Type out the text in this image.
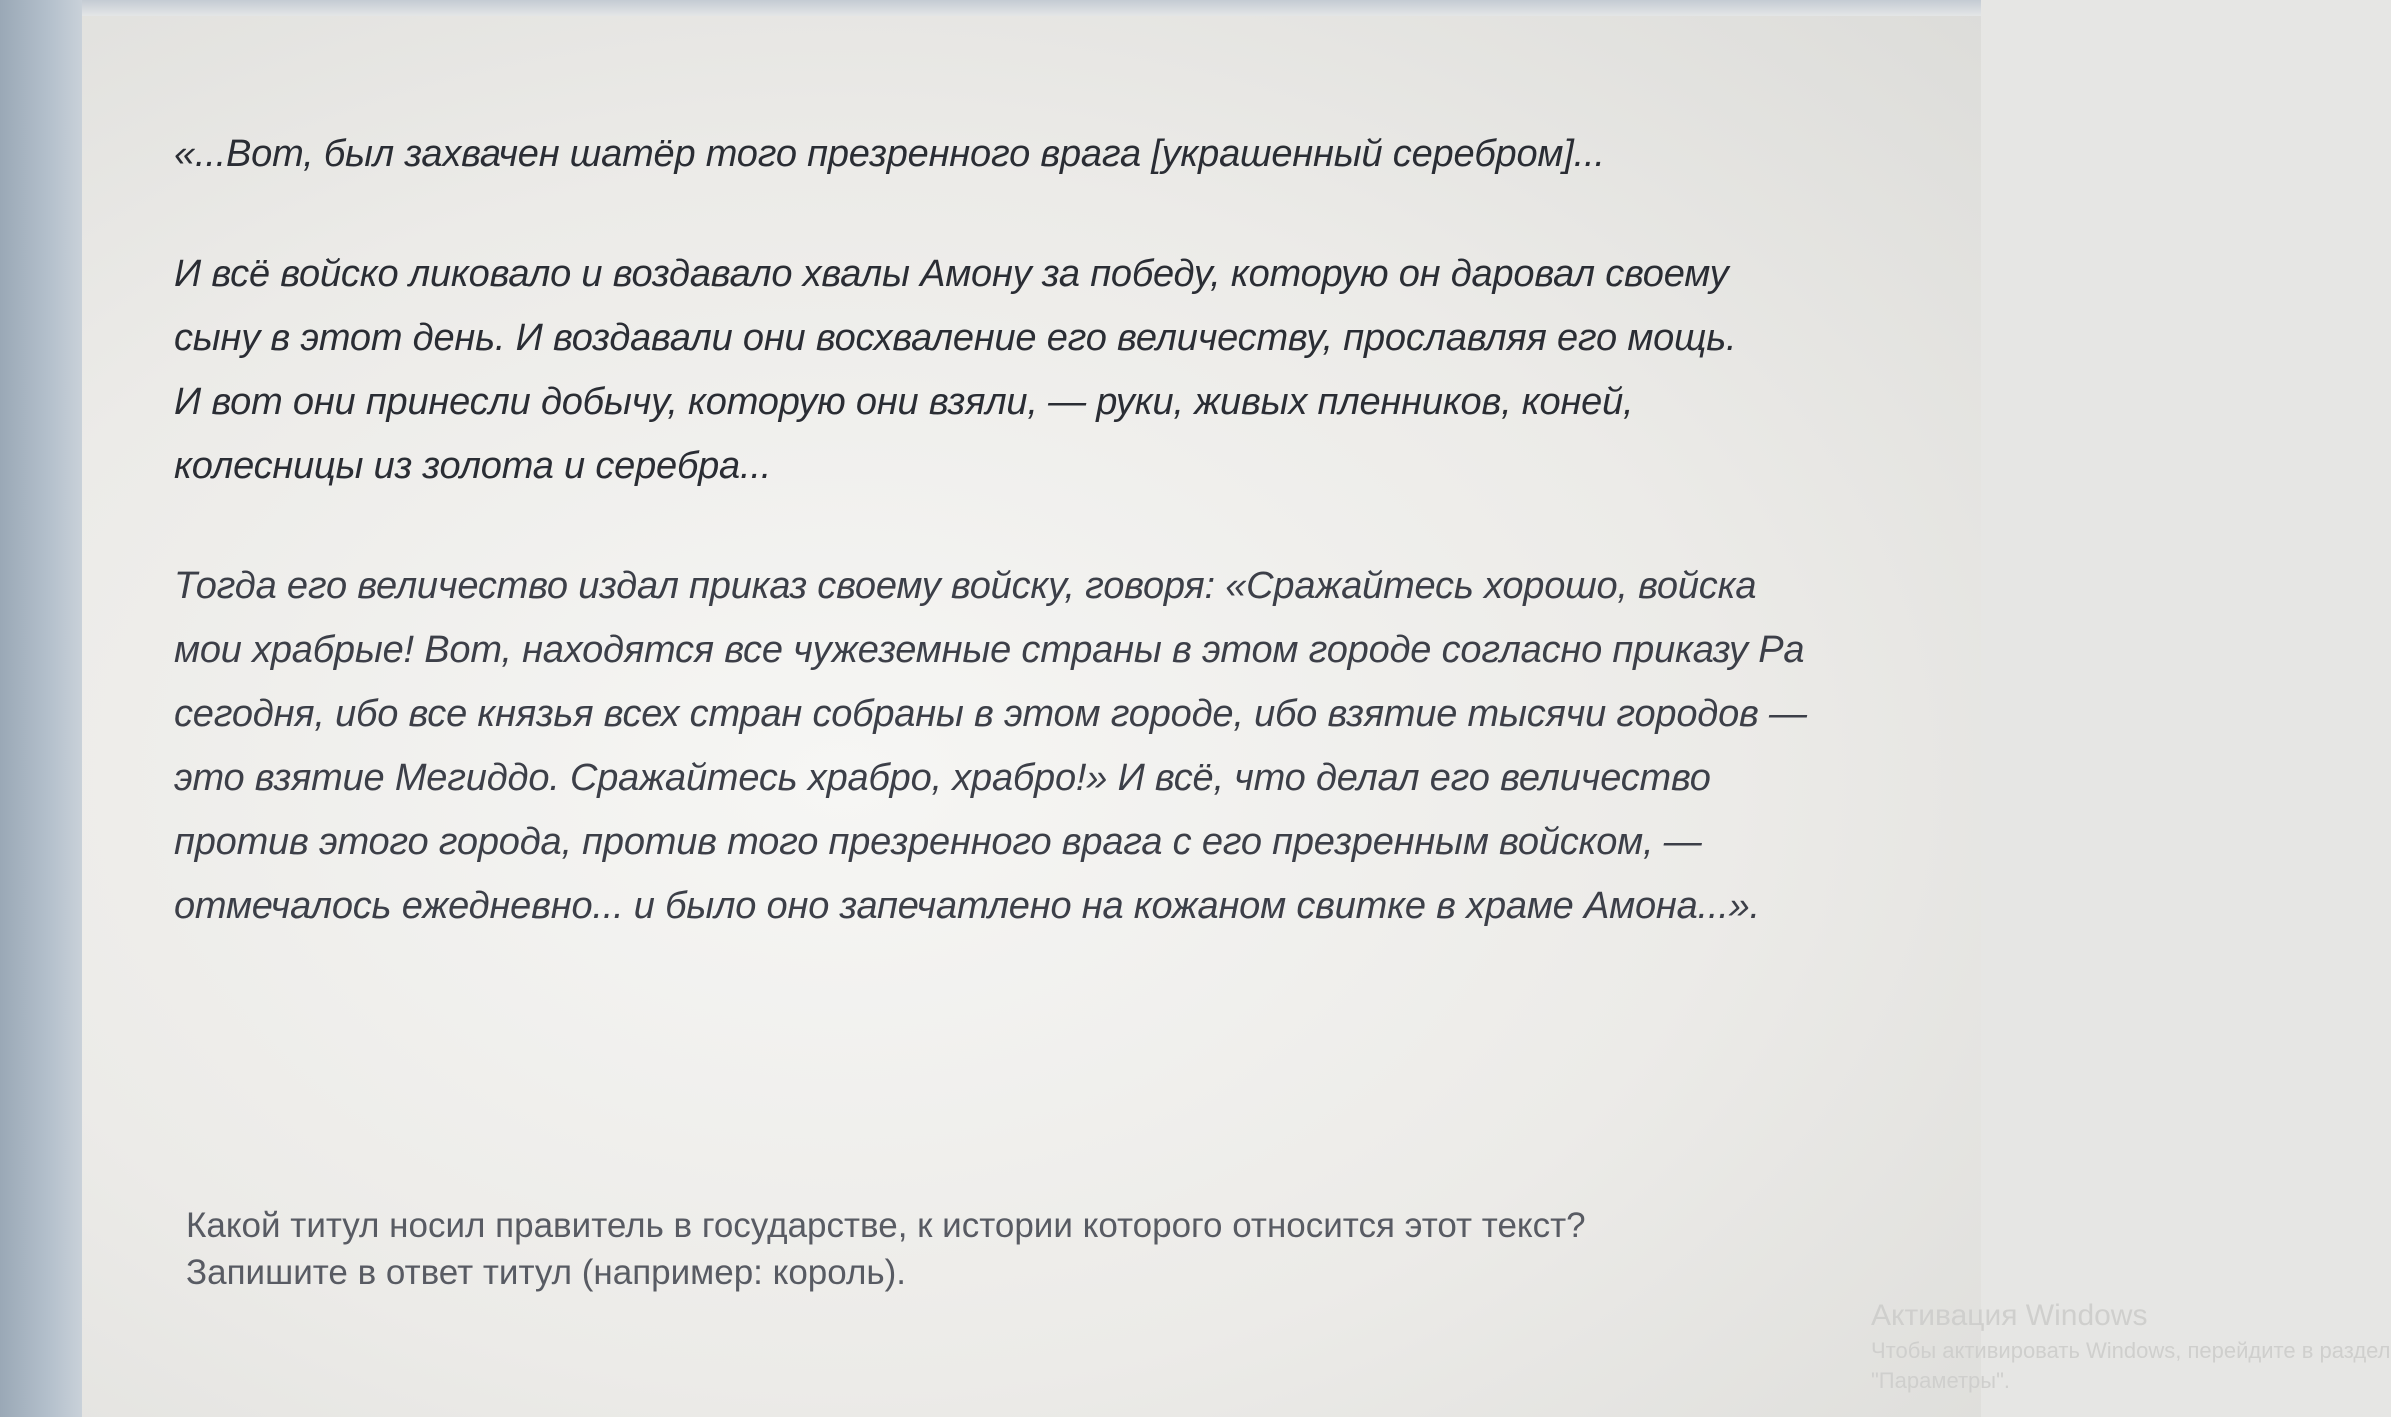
«...Вот, был захвачен шатёр того презренного врага [украшенный серебром]...

И всё войско ликовало и воздавало хвалы Амону за победу, которую он даровал своему

сыну в этот день. И воздавали они восхваление его величеству, прославляя его мощь.

И вот они принесли добычу, которую они взяли, — руки, живых пленников, коней,

колесницы из золота и серебра...

Тогда его величество издал приказ своему войску, говоря: «Сражайтесь хорошо, войска

мои храбрые! Вот, находятся все чужеземные страны в этом городе согласно приказу Ра

сегодня, ибо все князья всех стран собраны в этом городе, ибо взятие тысячи городов —

это взятие Мегиддо. Сражайтесь храбро, храбро!» И всё, что делал его величество

против этого города, против того презренного врага с его презренным войском, —

отмечалось ежедневно... и было оно запечатлено на кожаном свитке в храме Амона...».

Какой титул носил правитель в государстве, к истории которого относится этот текст?

Запишите в ответ титул (например: король).

Активация Windows

Чтобы активировать Windows, перейдите в раздел

"Параметры".
